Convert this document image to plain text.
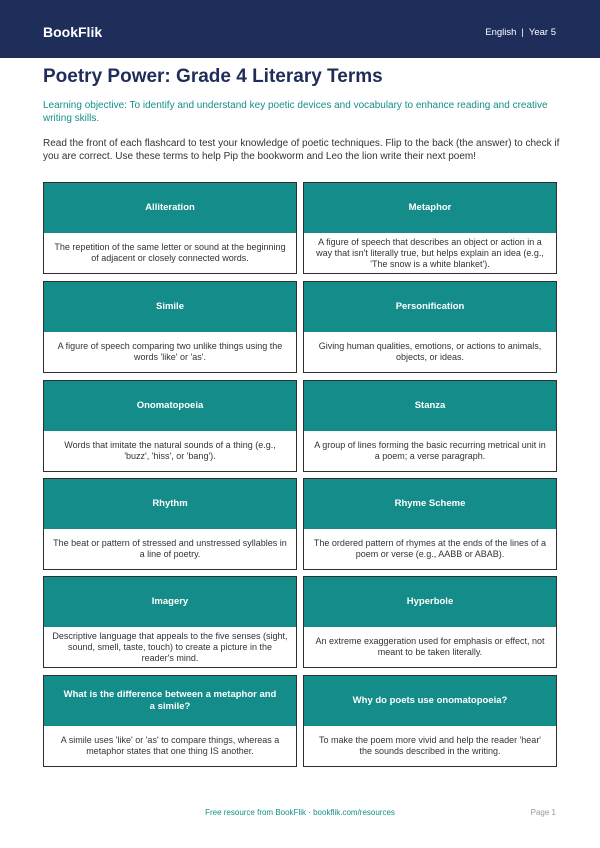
BookFlik	English | Year 5
Poetry Power: Grade 4 Literary Terms

Learning objective: To identify and understand key poetic devices and vocabulary to enhance reading and creative writing skills.

Read the front of each flashcard to test your knowledge of poetic techniques. Flip to the back (the answer) to check if you are correct. Use these terms to help Pip the bookworm and Leo the lion write their next poem!

Alliteration
The repetition of the same letter or sound at the beginning of adjacent or closely connected words.
Metaphor
A figure of speech that describes an object or action in a way that isn't literally true, but helps explain an idea (e.g., 'The snow is a white blanket').
Simile
A figure of speech comparing two unlike things using the words 'like' or 'as'.
Personification
Giving human qualities, emotions, or actions to animals, objects, or ideas.
Onomatopoeia
Words that imitate the natural sounds of a thing (e.g., 'buzz', 'hiss', or 'bang').
Stanza
A group of lines forming the basic recurring metrical unit in a poem; a verse paragraph.
Rhythm
The beat or pattern of stressed and unstressed syllables in a line of poetry.
Rhyme Scheme
The ordered pattern of rhymes at the ends of the lines of a poem or verse (e.g., AABB or ABAB).
Imagery
Descriptive language that appeals to the five senses (sight, sound, smell, taste, touch) to create a picture in the reader's mind.
Hyperbole
An extreme exaggeration used for emphasis or effect, not meant to be taken literally.
What is the difference between a metaphor and a simile?
A simile uses 'like' or 'as' to compare things, whereas a metaphor states that one thing IS another.
Why do poets use onomatopoeia?
To make the poem more vivid and help the reader 'hear' the sounds described in the writing.
Free resource from BookFlik · bookflik.com/resources	Page 1
